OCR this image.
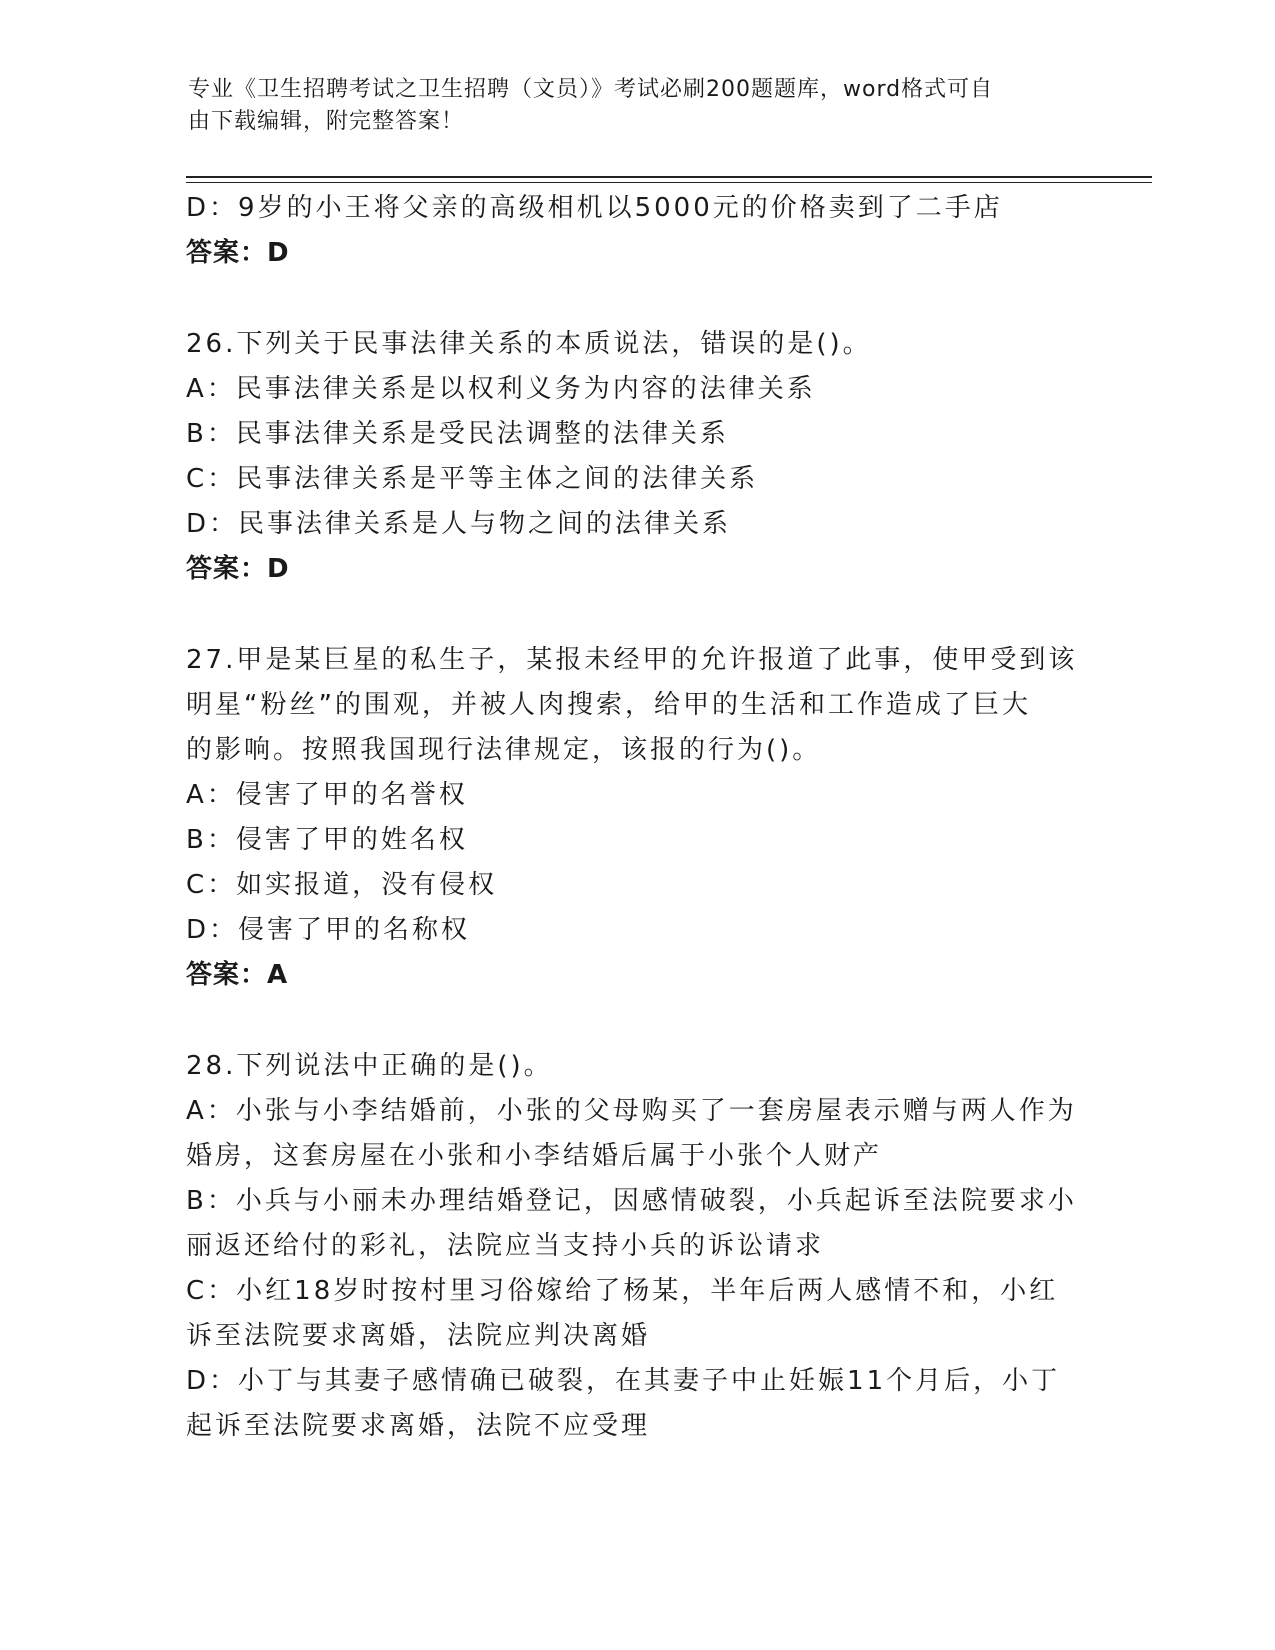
专业《卫生招聘考试之卫生招聘（文员）》考试必刷200题题库，word格式可自
由下载编辑，附完整答案！
D：9岁的小王将父亲的高级相机以5000元的价格卖到了二手店
答案：D
26.下列关于民事法律关系的本质说法，错误的是()。
A：民事法律关系是以权利义务为内容的法律关系
B：民事法律关系是受民法调整的法律关系
C：民事法律关系是平等主体之间的法律关系
D：民事法律关系是人与物之间的法律关系
答案：D
27.甲是某巨星的私生子，某报未经甲的允许报道了此事，使甲受到该
明星“粉丝”的围观，并被人肉搜索，给甲的生活和工作造成了巨大
的影响。按照我国现行法律规定，该报的行为()。
A：侵害了甲的名誉权
B：侵害了甲的姓名权
C：如实报道，没有侵权
D：侵害了甲的名称权
答案：A
28.下列说法中正确的是()。
A：小张与小李结婚前，小张的父母购买了一套房屋表示赠与两人作为
婚房，这套房屋在小张和小李结婚后属于小张个人财产
B：小兵与小丽未办理结婚登记，因感情破裂，小兵起诉至法院要求小
丽返还给付的彩礼，法院应当支持小兵的诉讼请求
C：小红18岁时按村里习俗嫁给了杨某，半年后两人感情不和，小红
诉至法院要求离婚，法院应判决离婚
D：小丁与其妻子感情确已破裂，在其妻子中止妊娠11个月后，小丁
起诉至法院要求离婚，法院不应受理
